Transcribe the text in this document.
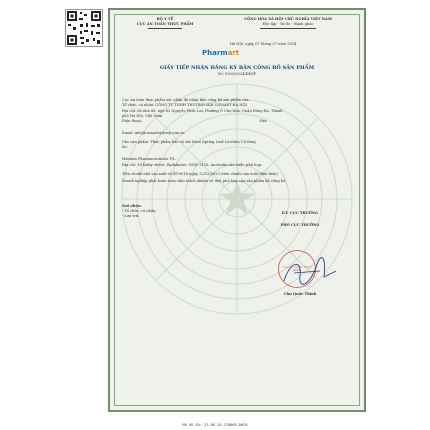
BỘ Y TẾ
CỤC AN TOÀN THỰC PHẨM
CỘNG HÒA XÃ HỘI CHỦ NGHĨA VIỆT NAM
Độc lập - Tự do - Hạnh phúc
Hà Nội, ngày 07 tháng 07 năm 2024
Pharmart
GIẤY TIẾP NHẬN ĐĂNG KÝ BẢN CÔNG BỐ SẢN PHẨM
Số: 5303/2024/ĐKSP
Cục An toàn thực phẩm xác nhận đã nhận Bản công bố sản phẩm của:
Tổ chức, cá nhân: CÔNG TY TNHH THƯƠNG MẠI OZMART HÀ NỘI
Địa chỉ: Số nhà 68, ngõ 82 Nguyễn Phúc Lai, Phường Ô Chợ Dừa, Quận Đống Đa, Thành
phố Hà Nội, Việt Nam
Điện thoại:	Fax:
Email: info@ozmartsydney.com.vn
Cho sản phẩm: Thực phẩm bảo vệ sức khoẻ Spring Leaf Lecithin 1200mg
do:
Hemarn Pharmaceuticals P/L
Địa chỉ: 38 Kirby street, Rydalmere, NSW 2116, Australia sản xuất, phù hợp:
Tiêu chuẩn nhà sản xuất số BT-0016 ngày 22/12/2023 (tiêu chuẩn sản xuất đính kèm)
Doanh nghiệp phải hoàn toàn chịu trách nhiệm về tính phù hợp của sản phẩm đã công bố.
Nơi nhận:
- Tổ chức, cá nhân;
- Lưu trữ.
KT. CỤC TRƯỞNG
PHÓ CỤC TRƯỞNG
CỤC AN TOÀN THỰC PHẨM
Chu Quốc Thịnh
MA HO SO: 23.08.26.270066.DKCB
